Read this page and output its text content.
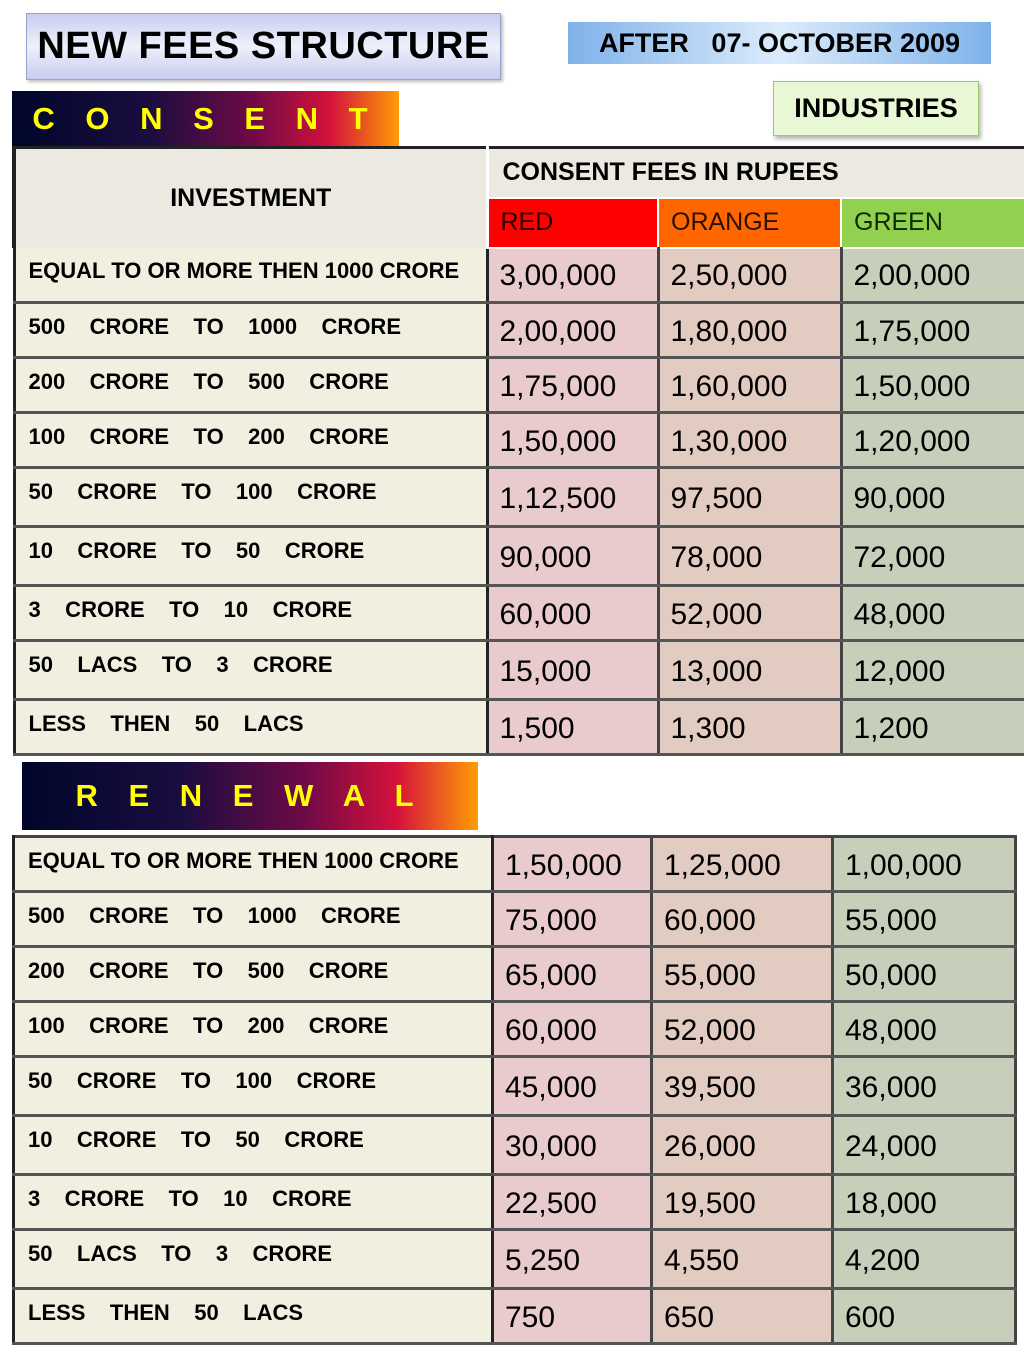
NEW FEES STRUCTURE	AFTER   07- OCTOBER 2009
INDUSTRIES
C O N S E N T
INVESTMENT	CONSENT FEES IN RUPEES		
	RED	ORANGE	GREEN
EQUAL TO OR MORE THEN 1000 CRORE	3,00,000	2,50,000	2,00,000
500    CRORE    TO    1000    CRORE	2,00,000	1,80,000	1,75,000
200    CRORE    TO    500    CRORE	1,75,000	1,60,000	1,50,000
100    CRORE    TO    200    CRORE	1,50,000	1,30,000	1,20,000
50    CRORE    TO    100    CRORE	1,12,500	97,500	90,000
10    CRORE    TO    50    CRORE	90,000	78,000	72,000
3    CRORE    TO    10    CRORE	60,000	52,000	48,000
50    LACS    TO    3    CRORE	15,000	13,000	12,000
LESS    THEN    50    LACS	1,500	1,300	1,200
R E N E W A L
EQUAL TO OR MORE THEN 1000 CRORE	1,50,000	1,25,000	1,00,000
500    CRORE    TO    1000    CRORE	75,000	60,000	55,000
200    CRORE    TO    500    CRORE	65,000	55,000	50,000
100    CRORE    TO    200    CRORE	60,000	52,000	48,000
50    CRORE    TO    100    CRORE	45,000	39,500	36,000
10    CRORE    TO    50    CRORE	30,000	26,000	24,000
3    CRORE    TO    10    CRORE	22,500	19,500	18,000
50    LACS    TO    3    CRORE	5,250	4,550	4,200
LESS    THEN    50    LACS	750	650	600
